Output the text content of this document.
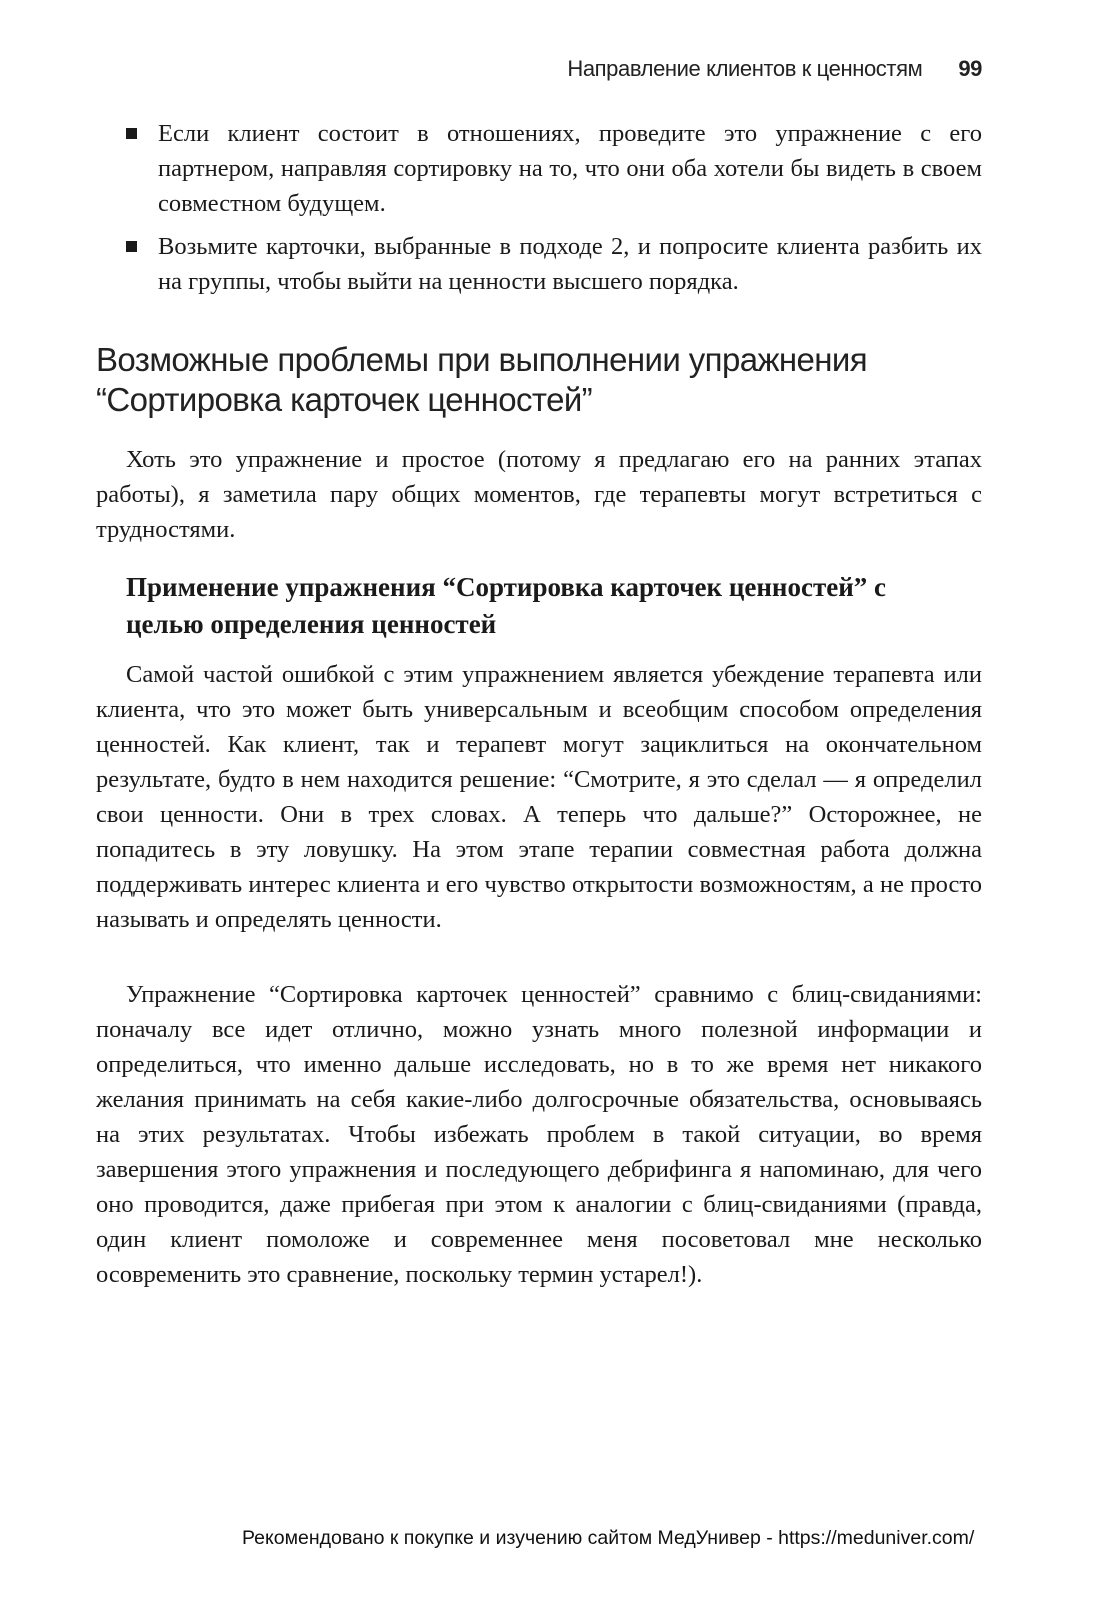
Направление клиентов к ценностям 99
Если клиент состоит в отношениях, проведите это упражнение с его партнером, направляя сортировку на то, что они оба хотели бы видеть в своем совместном будущем.
Возьмите карточки, выбранные в подходе 2, и попросите клиента разбить их на группы, чтобы выйти на ценности высшего порядка.
Возможные проблемы при выполнении упражнения “Сортировка карточек ценностей”

Хоть это упражнение и простое (потому я предлагаю его на ранних этапах работы), я заметила пару общих моментов, где терапевты могут встретиться с трудностями.

Применение упражнения “Сортировка карточек ценностей” с целью определения ценностей

Самой частой ошибкой с этим упражнением является убеждение терапевта или клиента, что это может быть универсальным и всеобщим способом определения ценностей. Как клиент, так и терапевт могут зациклиться на окончательном результате, будто в нем находится решение: “Смотрите, я это сделал — я определил свои ценности. Они в трех словах. А теперь что дальше?” Осторожнее, не попадитесь в эту ловушку. На этом этапе терапии совместная работа должна поддерживать интерес клиента и его чувство открытости возможностям, а не просто называть и определять ценности.

Упражнение “Сортировка карточек ценностей” сравнимо с блиц-свиданиями: поначалу все идет отлично, можно узнать много полезной информации и определиться, что именно дальше исследовать, но в то же время нет никакого желания принимать на себя какие-либо долгосрочные обязательства, основываясь на этих результатах. Чтобы избежать проблем в такой ситуации, во время завершения этого упражнения и последующего дебрифинга я напоминаю, для чего оно проводится, даже прибегая при этом к аналогии с блиц-свиданиями (правда, один клиент помоложе и современнее меня посоветовал мне несколько осовременить это сравнение, поскольку термин устарел!).

Рекомендовано к покупке и изучению сайтом МедУнивер - https://meduniver.com/
